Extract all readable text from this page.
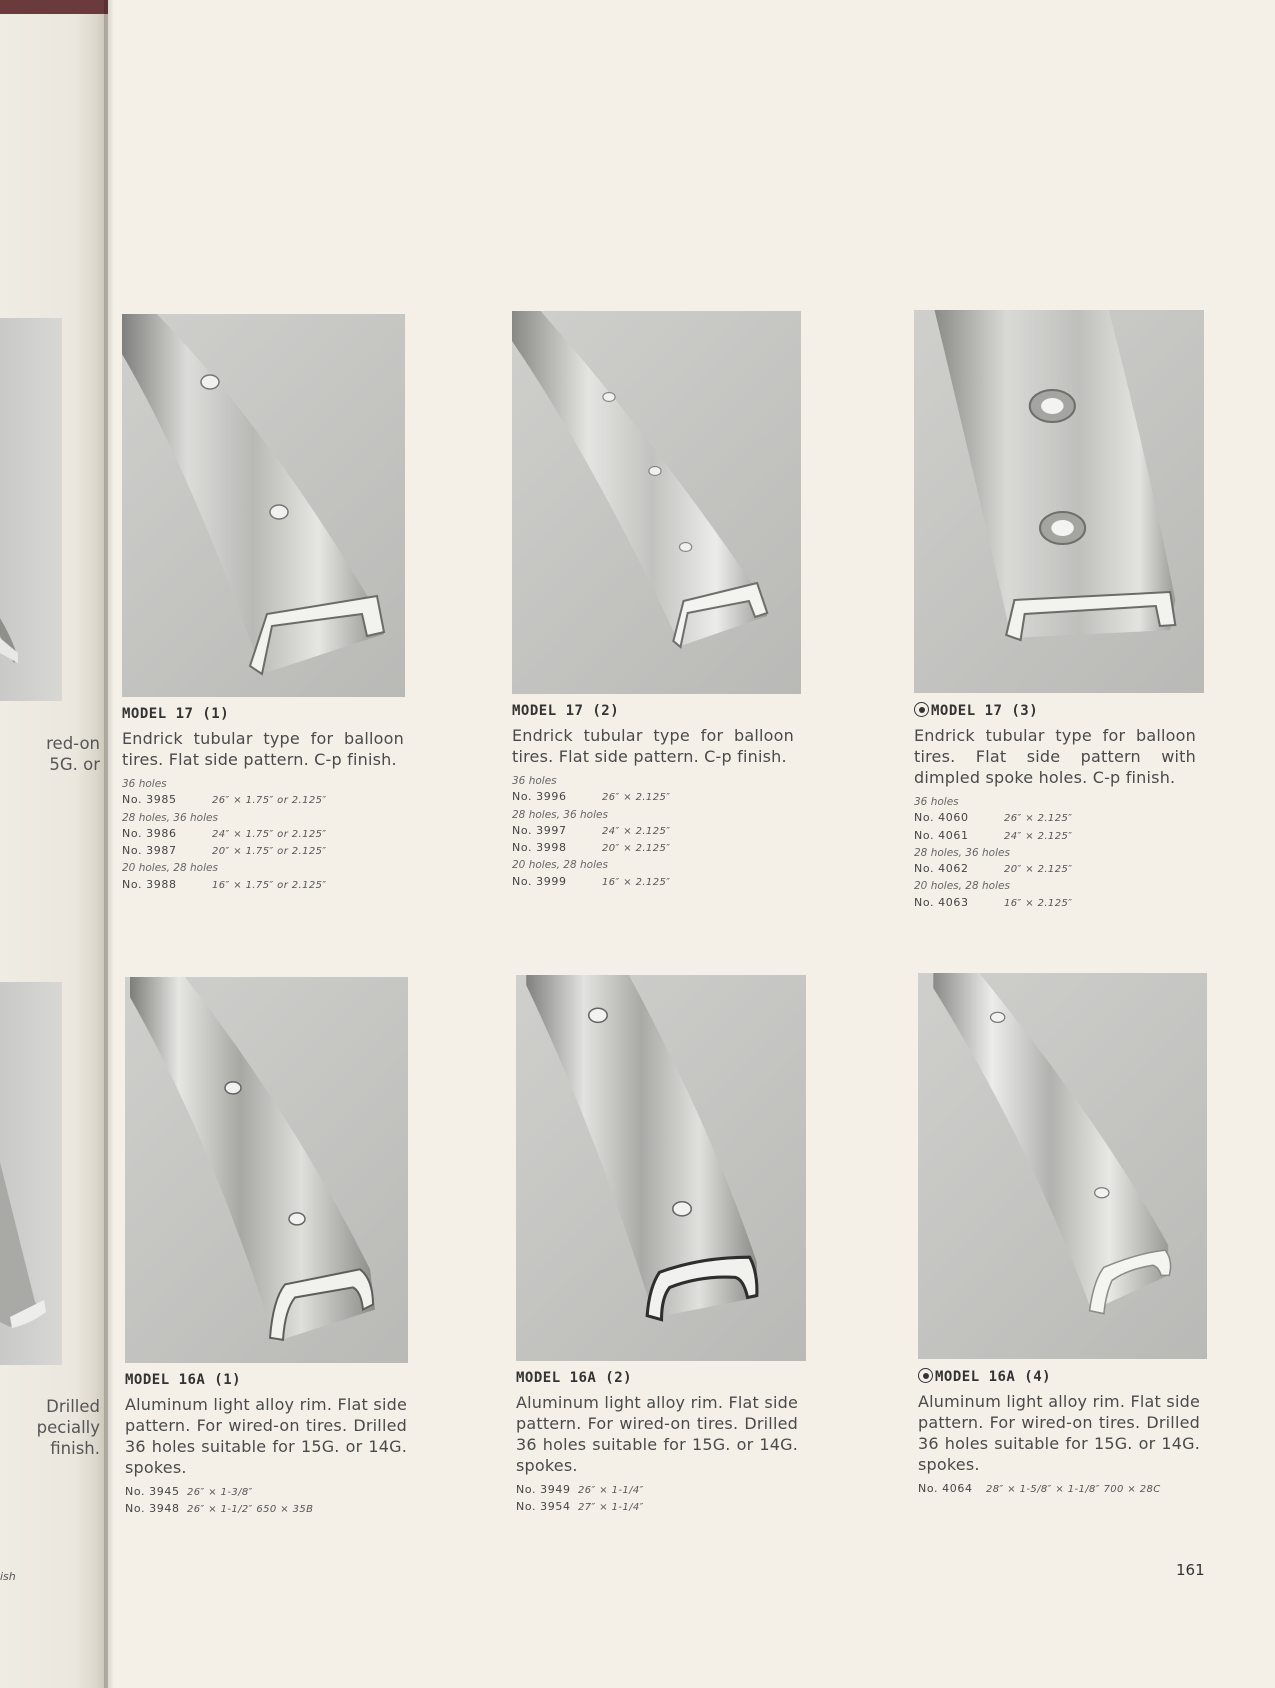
red-on
5G. or
Drilled
pecially
finish.
ish
MODEL 17 (1)
Endrick tubular type for balloon tires. Flat side pattern. C-p finish.
36 holes
No. 3985	26″ × 1.75″ or 2.125″
28 holes, 36 holes
No. 3986	24″ × 1.75″ or 2.125″
No. 3987	20″ × 1.75″ or 2.125″
20 holes, 28 holes
No. 3988	16″ × 1.75″ or 2.125″
MODEL 17 (2)
Endrick tubular type for balloon tires. Flat side pattern. C-p finish.
36 holes
No. 3996	26″ × 2.125″
28 holes, 36 holes
No. 3997	24″ × 2.125″
No. 3998	20″ × 2.125″
20 holes, 28 holes
No. 3999	16″ × 2.125″
MODEL 17 (3)
Endrick tubular type for balloon tires. Flat side pattern with dimpled spoke holes. C-p finish.
36 holes
No. 4060	26″ × 2.125″
No. 4061	24″ × 2.125″
28 holes, 36 holes
No. 4062	20″ × 2.125″
20 holes, 28 holes
No. 4063	16″ × 2.125″
MODEL 16A (1)
Aluminum light alloy rim. Flat side pattern. For wired-on tires. Drilled 36 holes suitable for 15G. or 14G. spokes.
No. 3945 26″ × 1-3/8″
No. 3948 26″ × 1-1/2″ 650 × 35B
MODEL 16A (2)
Aluminum light alloy rim. Flat side pattern. For wired-on tires. Drilled 36 holes suitable for 15G. or 14G. spokes.
No. 3949 26″ × 1-1/4″
No. 3954 27″ × 1-1/4″
MODEL 16A (4)
Aluminum light alloy rim. Flat side pattern. For wired-on tires. Drilled 36 holes suitable for 15G. or 14G. spokes.
No. 4064 28″ × 1-5/8″ × 1-1/8″ 700 × 28C
161
